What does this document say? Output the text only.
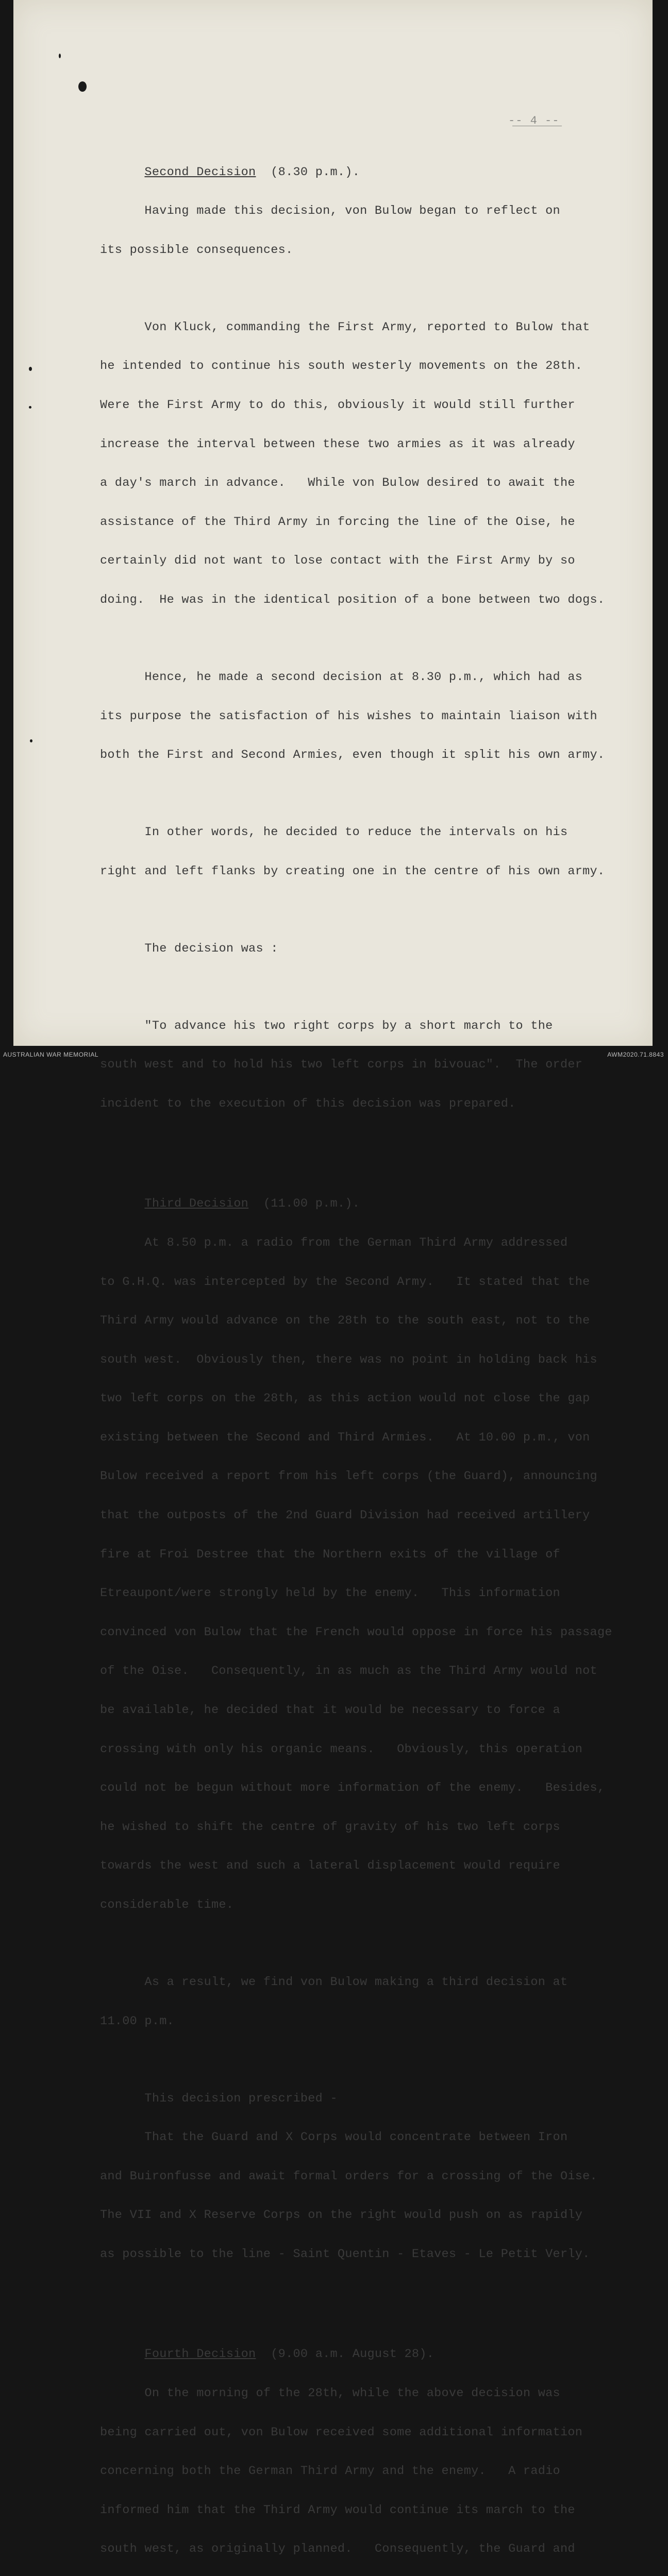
-- 4 --

Second Decision (8.30 p.m.).

Having made this decision, von Bulow began to reflect on

its possible consequences.

Von Kluck, commanding the First Army, reported to Bulow that

he intended to continue his south westerly movements on the 28th.

Were the First Army to do this, obviously it would still further

increase the interval between these two armies as it was already

a day's march in advance.   While von Bulow desired to await the

assistance of the Third Army in forcing the line of the Oise, he

certainly did not want to lose contact with the First Army by so

doing.  He was in the identical position of a bone between two dogs.

Hence, he made a second decision at 8.30 p.m., which had as

its purpose the satisfaction of his wishes to maintain liaison with

both the First and Second Armies, even though it split his own army.

In other words, he decided to reduce the intervals on his

right and left flanks by creating one in the centre of his own army.

The decision was :

"To advance his two right corps by a short march to the

south west and to hold his two left corps in bivouac".  The order

incident to the execution of this decision was prepared.

Third Decision (11.00 p.m.).

At 8.50 p.m. a radio from the German Third Army addressed

to G.H.Q. was intercepted by the Second Army.   It stated that the

Third Army would advance on the 28th to the south east, not to the

south west.  Obviously then, there was no point in holding back his

two left corps on the 28th, as this action would not close the gap

existing between the Second and Third Armies.   At 10.00 p.m., von

Bulow received a report from his left corps (the Guard), announcing

that the outposts of the 2nd Guard Division had received artillery

fire at Froi Destree that the Northern exits of the village of

Etreaupont/were strongly held by the enemy.   This information

convinced von Bulow that the French would oppose in force his passage

of the Oise.   Consequently, in as much as the Third Army would not

be available, he decided that it would be necessary to force a

crossing with only his organic means.   Obviously, this operation

could not be begun without more information of the enemy.   Besides,

he wished to shift the centre of gravity of his two left corps

towards the west and such a lateral displacement would require

considerable time.

As a result, we find von Bulow making a third decision at

11.00 p.m.

This decision prescribed -

That the Guard and X Corps would concentrate between Iron

and Buironfusse and await formal orders for a crossing of the Oise.

The VII and X Reserve Corps on the right would push on as rapidly

as possible to the line - Saint Quentin - Etaves - Le Petit Verly.

Fourth Decision (9.00 a.m. August 28).

On the morning of the 28th, while the above decision was

being carried out, von Bulow received some additional information

concerning both the German Third Army and the enemy.   A radio

informed him that the Third Army would continue its march to the

south west, as originally planned.   Consequently, the Guard and

AUSTRALIAN WAR MEMORIAL	AWM2020.71.8843
